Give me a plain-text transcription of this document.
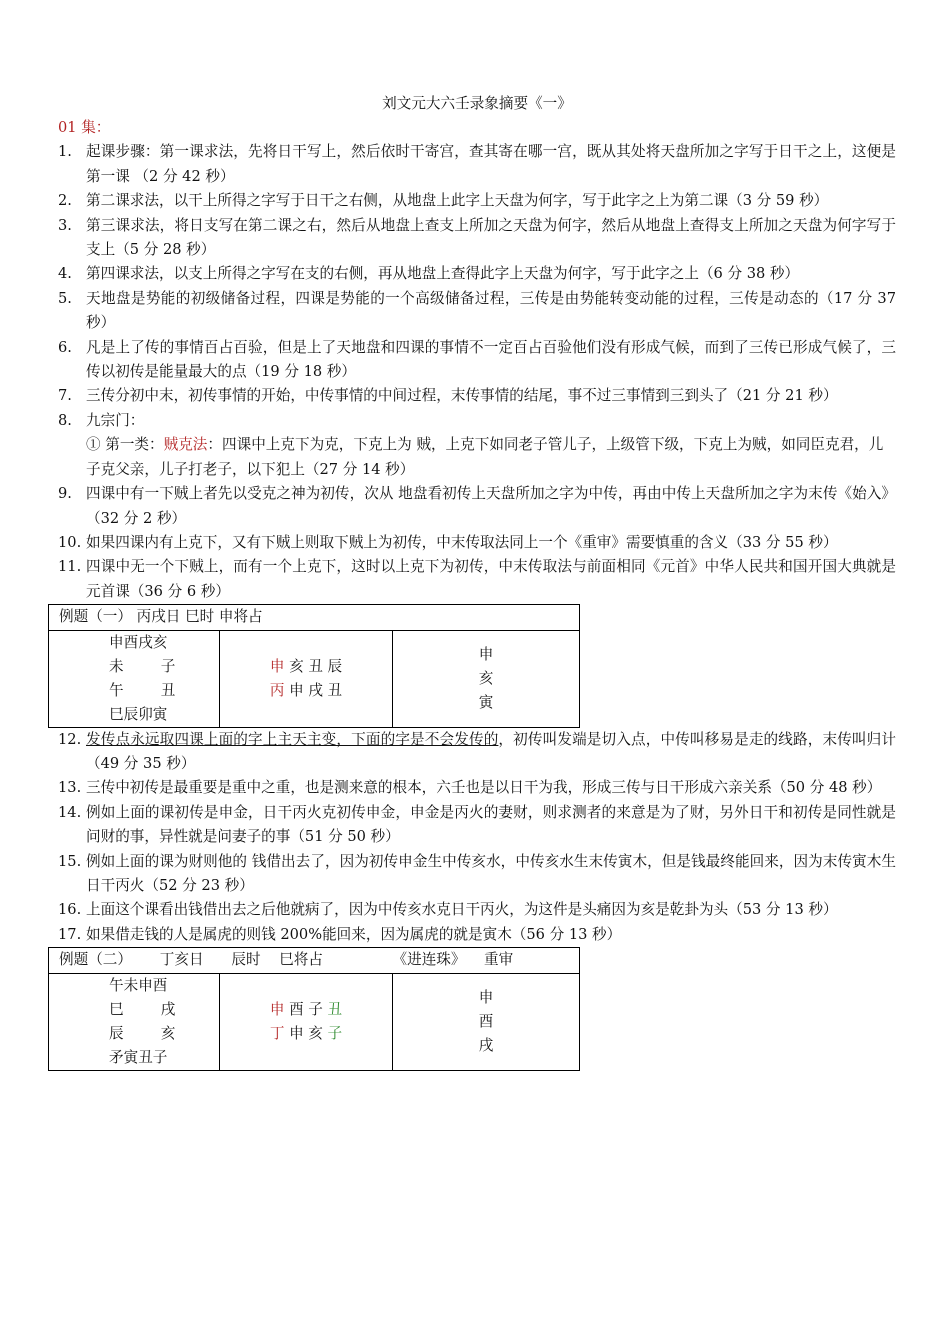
刘文元大六壬录象摘要《一》
01 集：
1. 起课步骤：第一课求法，先将日干写上，然后依时干寄宫，查其寄在哪一宫，既从其处将天盘所加之字写于日干之上，这便是第一课 （2 分 42 秒）
2. 第二课求法，以干上所得之字写于日干之右侧，从地盘上此字上天盘为何字，写于此字之上为第二课（3 分 59 秒）
3. 第三课求法，将日支写在第二课之右，然后从地盘上查支上所加之天盘为何字，然后从地盘上查得支上所加之天盘为何字写于支上（5 分 28 秒）
4. 第四课求法，以支上所得之字写在支的右侧，再从地盘上查得此字上天盘为何字，写于此字之上（6 分 38 秒）
5. 天地盘是势能的初级储备过程，四课是势能的一个高级储备过程，三传是由势能转变动能的过程，三传是动态的（17 分 37 秒）
6. 凡是上了传的事情百占百验，但是上了天地盘和四课的事情不一定百占百验他们没有形成气候，而到了三传已形成气候了，三传以初传是能量最大的点（19 分 18 秒）
7. 三传分初中末，初传事情的开始，中传事情的中间过程，末传事情的结尾，事不过三事情到三到头了（21 分 21 秒）
8. 九宗门：
① 第一类：贼克法：四课中上克下为克，下克上为 贼，上克下如同老子管儿子，上级管下级，下克上为贼，如同臣克君，儿子克父亲，儿子打老子，以下犯上（27 分 14 秒）
9. 四课中有一下贼上者先以受克之神为初传，次从 地盘看初传上天盘所加之字为中传，再由中传上天盘所加之字为末传《始入》（32 分 2 秒）
10. 如果四课内有上克下，又有下贼上则取下贼上为初传，中末传取法同上一个《重审》需要慎重的含义（33 分 55 秒）
11. 四课中无一个下贼上，而有一个上克下，这时以上克下为初传，中末传取法与前面相同《元首》中华人民共和国开国大典就是元首课（36 分 6 秒）
例题（一） 丙戌日 巳时 申将占

申酉戌亥
未        子
午        丑
巳辰卯寅

申 亥 丑 辰
丙 申 戌 丑

申
亥
寅
12. 发传点永远取四课上面的字上主天主变，下面的字是不会发传的，初传叫发端是切入点，中传叫移易是走的线路，末传叫归计（49 分 35 秒）
13. 三传中初传是最重要是重中之重，也是测来意的根本，六壬也是以日干为我，形成三传与日干形成六亲关系（50 分 48 秒）
14. 例如上面的课初传是申金，日干丙火克初传申金，申金是丙火的妻财，则求测者的来意是为了财，另外日干和初传是同性就是问财的事，异性就是问妻子的事（51 分 50 秒）
15. 例如上面的课为财则他的 钱借出去了，因为初传申金生中传亥水，中传亥水生末传寅木，但是钱最终能回来，因为末传寅木生日干丙火（52 分 23 秒）
16. 上面这个课看出钱借出去之后他就病了，因为中传亥水克日干丙火，为这件是头痛因为亥是乾卦为头（53 分 13 秒）
17. 如果借走钱的人是属虎的则钱 200%能回来，因为属虎的就是寅木（56 分 13 秒）
例题（二）      丁亥日      辰时    巳将占               《进连珠》    重审

午未申酉
巳        戌
辰        亥
矛寅丑子

申 酉 子 丑
丁 申 亥 子

申
酉
戌
